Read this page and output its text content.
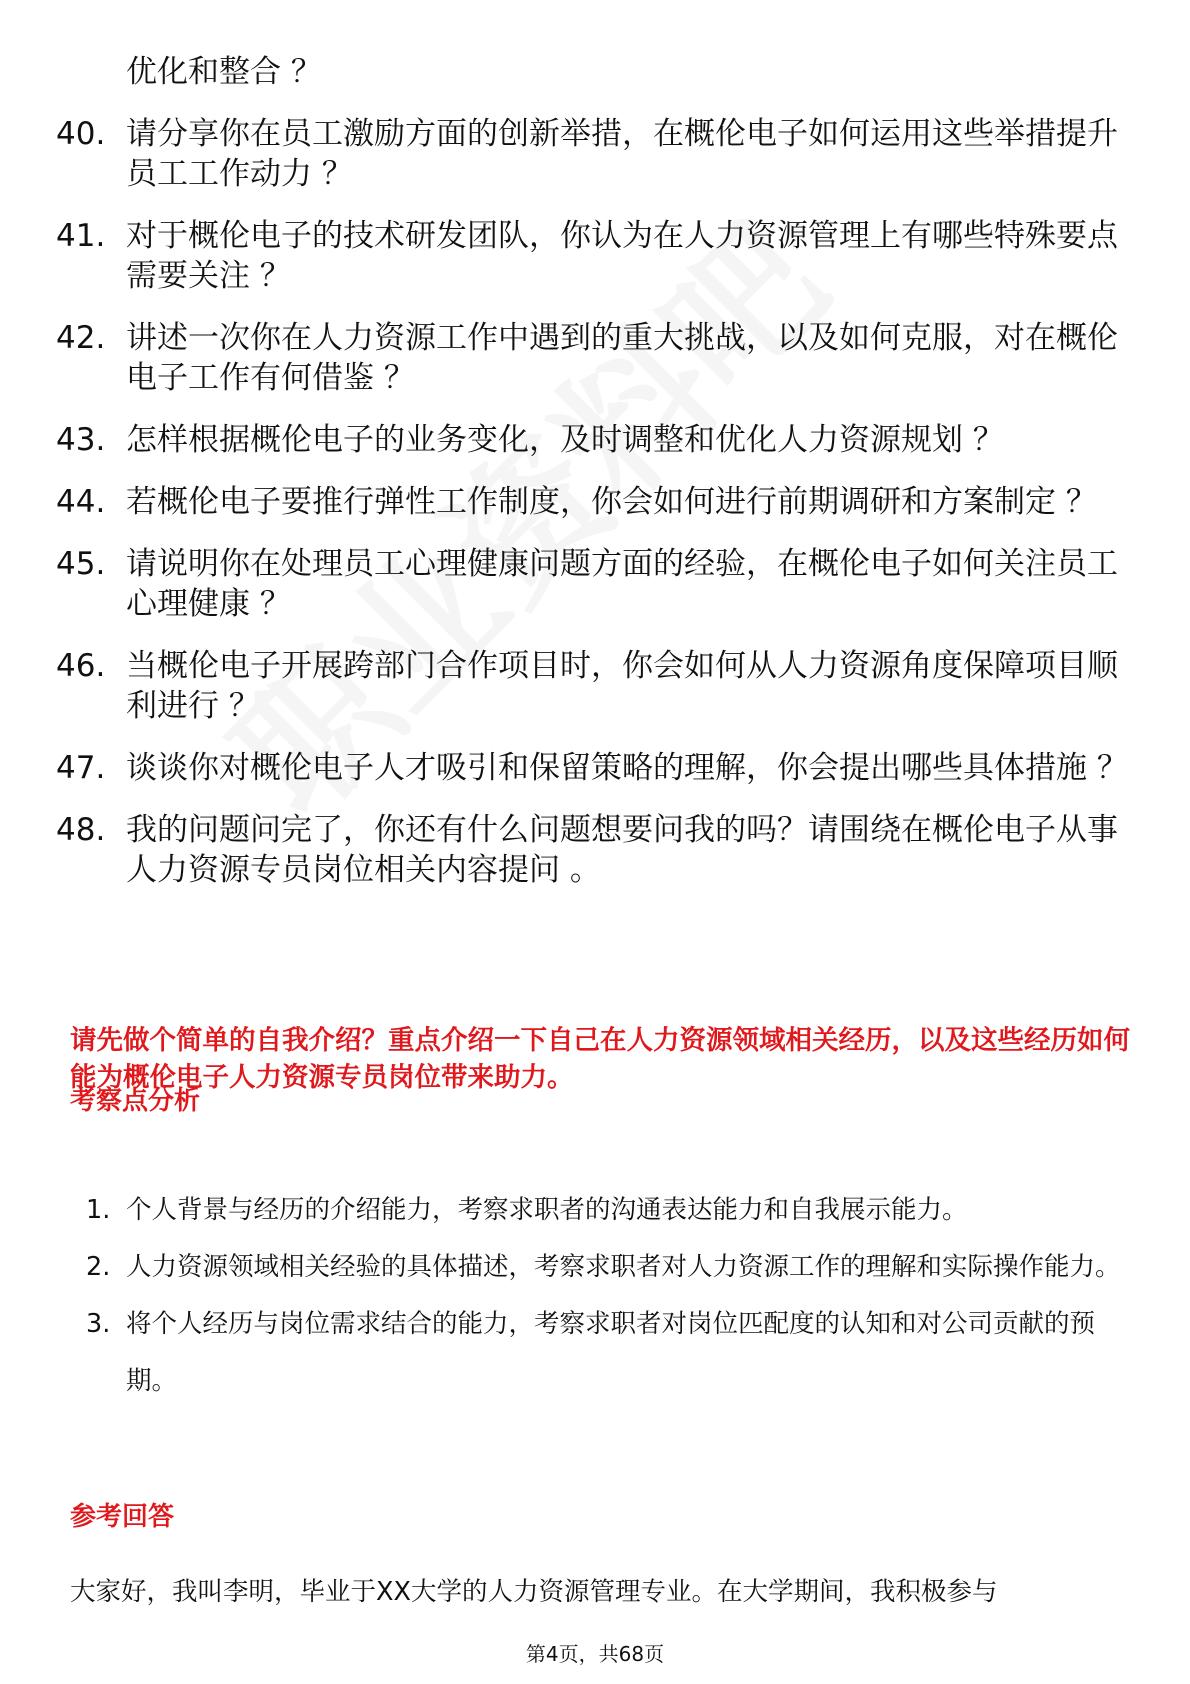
优化和整合 ？
40. 请分享你在员工激励方面的创新举措，在概伦电子如何运用这些举措提升员工工作动力 ？
41. 对于概伦电子的技术研发团队，你认为在人力资源管理上有哪些特殊要点需要关注 ？
42. 讲述一次你在人力资源工作中遇到的重大挑战，以及如何克服，对在概伦电子工作有何借鉴 ？
43. 怎样根据概伦电子的业务变化，及时调整和优化人力资源规划 ？
44. 若概伦电子要推行弹性工作制度，你会如何进行前期调研和方案制定 ？
45. 请说明你在处理员工心理健康问题方面的经验，在概伦电子如何关注员工心理健康 ？
46. 当概伦电子开展跨部门合作项目时，你会如何从人力资源角度保障项目顺利进行 ？
47. 谈谈你对概伦电子人才吸引和保留策略的理解，你会提出哪些具体措施 ？
48. 我的问题问完了，你还有什么问题想要问我的吗？请围绕在概伦电子从事人力资源专员岗位相关内容提问 。
请先做个简单的自我介绍？重点介绍一下自己在人力资源领域相关经历，以及这些经历如何能为概伦电子人力资源专员岗位带来助力。
考察点分析
1. 个人背景与经历的介绍能力，考察求职者的沟通表达能力和自我展示能力。
2. 人力资源领域相关经验的具体描述，考察求职者对人力资源工作的理解和实际操作能力。
3. 将个人经历与岗位需求结合的能力，考察求职者对岗位匹配度的认知和对公司贡献的预期。
参考回答
大家好，我叫李明，毕业于XX大学的人力资源管理专业。在大学期间，我积极参与
第4页，共68页
